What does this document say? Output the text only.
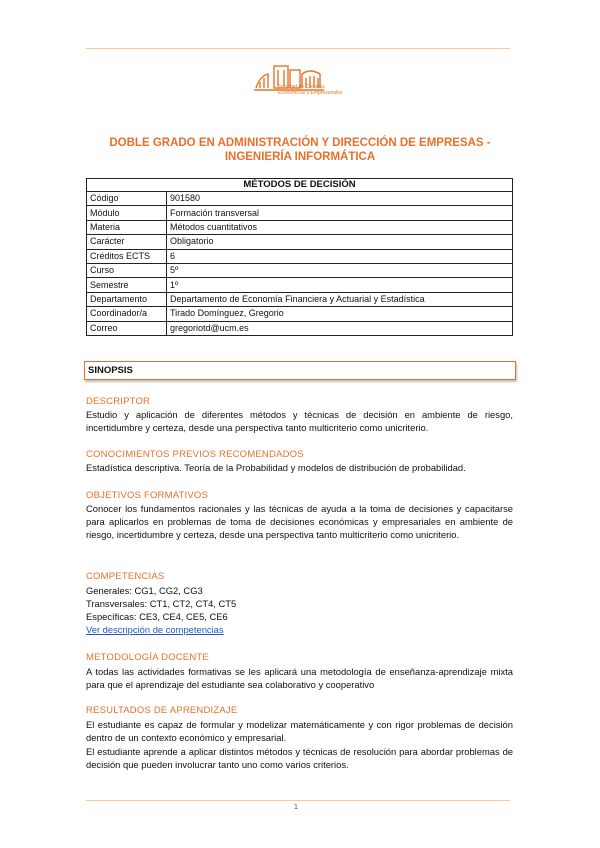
Facultad de Ciencias Económicas y Empresariales
DOBLE GRADO EN ADMINISTRACIÓN Y DIRECCIÓN DE EMPRESAS - INGENIERÍA INFORMÁTICA
MÉTODOS DE DECISIÓN	
Código	901580
Módulo	Formación transversal
Materia	Métodos cuantitativos
Carácter	Obligatorio
Créditos ECTS	6
Curso	5º
Semestre	1º
Departamento	Departamento de Economía Financiera y Actuarial y Estadística
Coordinador/a	Tirado Domínguez, Gregorio
Correo	gregoriotd@ucm.es
SINOPSIS
DESCRIPTOR
Estudio y aplicación de diferentes métodos y técnicas de decisión en ambiente de riesgo, incertidumbre y certeza, desde una perspectiva tanto multicriterio como unicriterio.
CONOCIMIENTOS PREVIOS RECOMENDADOS
Estadística descriptiva. Teoría de la Probabilidad y modelos de distribución de probabilidad.
OBJETIVOS FORMATIVOS
Conocer los fundamentos racionales y las técnicas de ayuda a la toma de decisiones y capacitarse para aplicarlos en problemas de toma de decisiones económicas y empresariales en ambiente de riesgo, incertidumbre y certeza, desde una perspectiva tanto multicriterio como unicriterio.
COMPETENCIAS
Generales: CG1, CG2, CG3
Transversales: CT1, CT2, CT4, CT5
Específicas: CE3, CE4, CE5, CE6
Ver descripción de competencias
METODOLOGÍA DOCENTE
A todas las actividades formativas se les aplicará una metodología de enseñanza-aprendizaje mixta para que el aprendizaje del estudiante sea colaborativo y cooperativo
RESULTADOS DE APRENDIZAJE
El estudiante es capaz de formular y modelizar matemáticamente y con rigor problemas de decisión dentro de un contexto económico y empresarial.
El estudiante aprende a aplicar distintos métodos y técnicas de resolución para abordar problemas de decisión que pueden involucrar tanto uno como varios criterios.
1
